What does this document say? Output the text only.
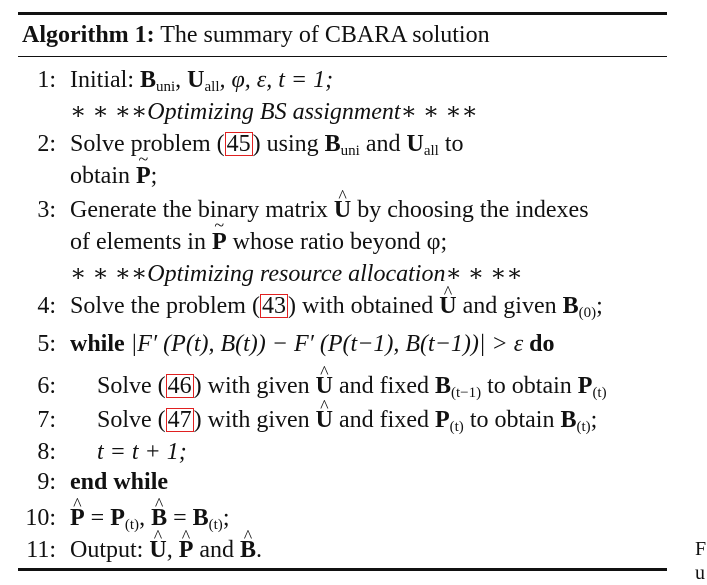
Algorithm 1: The summary of CBARA solution
1: Initial: $B_{uni}$, $U_{all}$, φ, ε, t = 1;
∗ ∗ ∗∗Optimizing BS assignment∗ ∗ ∗∗
2: Solve problem (45) using $B_{uni}$ and $U_{all}$ to
obtain ~ P;
3: Generate the binary matrix ^ U by choosing the indexes
of elements in ~ P whose ratio beyond φ;
∗ ∗ ∗∗Optimizing resource allocation∗ ∗ ∗∗
4: Solve the problem (43) with obtained ^ U and given $B_{(0)}$;
5: while |F′ (P(t), B(t)) − F′ (P(t−1), B(t−1))| > ε do
6: Solve (46) with given ^ U and fixed $B_{(t-1)}$ to obtain $P_{(t)}$
7: Solve (47) with given ^ U and fixed $P_{(t)}$ to obtain $B_{(t)}$;
8: t = t + 1;
9: end while
10:
^ $P = P_{(t)}$, ^ $B = B_{(t)}$;
11: Output: ^ U, ^ P and ^ B.	F
u
